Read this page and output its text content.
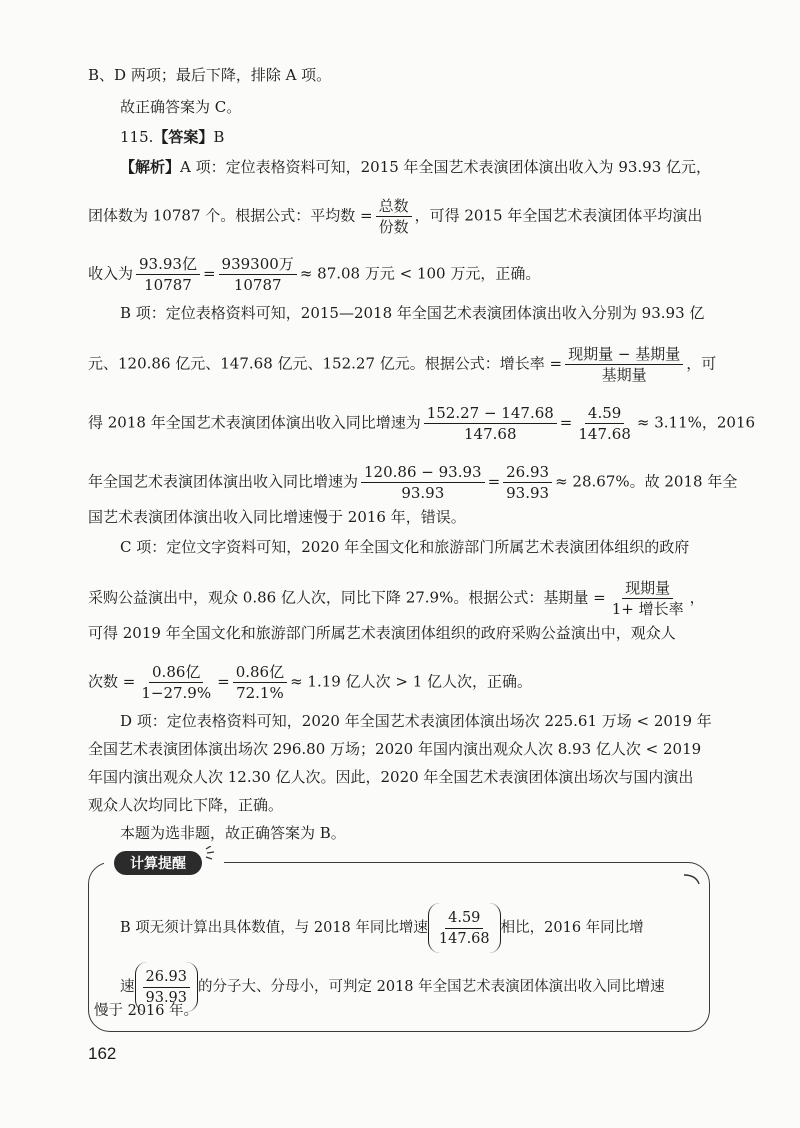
B、D 两项；最后下降，排除 A 项。
故正确答案为 C。
115.【答案】B
【解析】A 项：定位表格资料可知，2015 年全国艺术表演团体演出收入为 93.93 亿元，
团体数为 10787 个。根据公式：平均数 = $\frac{\text{总数}}{\text{份数}}$ ，可得 2015 年全国艺术表演团体平均演出
收入为 $\frac{\text{93.93亿}}{10787} = \frac{\text{939300万}}{10787} \approx 87.08$ 万元 < 100 万元，正确。
B 项：定位表格资料可知，2015—2018 年全国艺术表演团体演出收入分别为 93.93 亿
元、120.86 亿元、147.68 亿元、152.27 亿元。根据公式：增长率 = $\frac{\text{现期量 − 基期量}}{\text{基期量}}$ ，可
得 2018 年全国艺术表演团体演出收入同比增速为 $\frac{152.27 - 147.68}{147.68} = \frac{4.59}{147.68} \approx 3.11\%$，2016
年全国艺术表演团体演出收入同比增速为 $\frac{120.86 - 93.93}{93.93} = \frac{26.93}{93.93} \approx 28.67\%$。故 2018 年全
国艺术表演团体演出收入同比增速慢于 2016 年，错误。
C 项：定位文字资料可知，2020 年全国文化和旅游部门所属艺术表演团体组织的政府
采购公益演出中，观众 0.86 亿人次，同比下降 27.9%。根据公式：基期量 = $\frac{\text{现期量}}{\text{1+ 增长率}}$ ，
可得 2019 年全国文化和旅游部门所属艺术表演团体组织的政府采购公益演出中，观众人
次数 = $\frac{\text{0.86亿}}{1-27.9\%} = \frac{\text{0.86亿}}{72.1\%} \approx 1.19$ 亿人次 > 1 亿人次，正确。
D 项：定位表格资料可知，2020 年全国艺术表演团体演出场次 225.61 万场 < 2019 年
全国艺术表演团体演出场次 296.80 万场；2020 年国内演出观众人次 8.93 亿人次 < 2019
年国内演出观众人次 12.30 亿人次。因此，2020 年全国艺术表演团体演出场次与国内演出
观众人次均同比下降，正确。
本题为选非题，故正确答案为 B。
计算提醒
B 项无须计算出具体数值，与 2018 年同比增速 $\frac{4.59}{147.68}$ 相比，2016 年同比增
速 $\frac{26.93}{93.93}$ 的分子大、分母小，可判定 2018 年全国艺术表演团体演出收入同比增速
慢于 2016 年。
162
